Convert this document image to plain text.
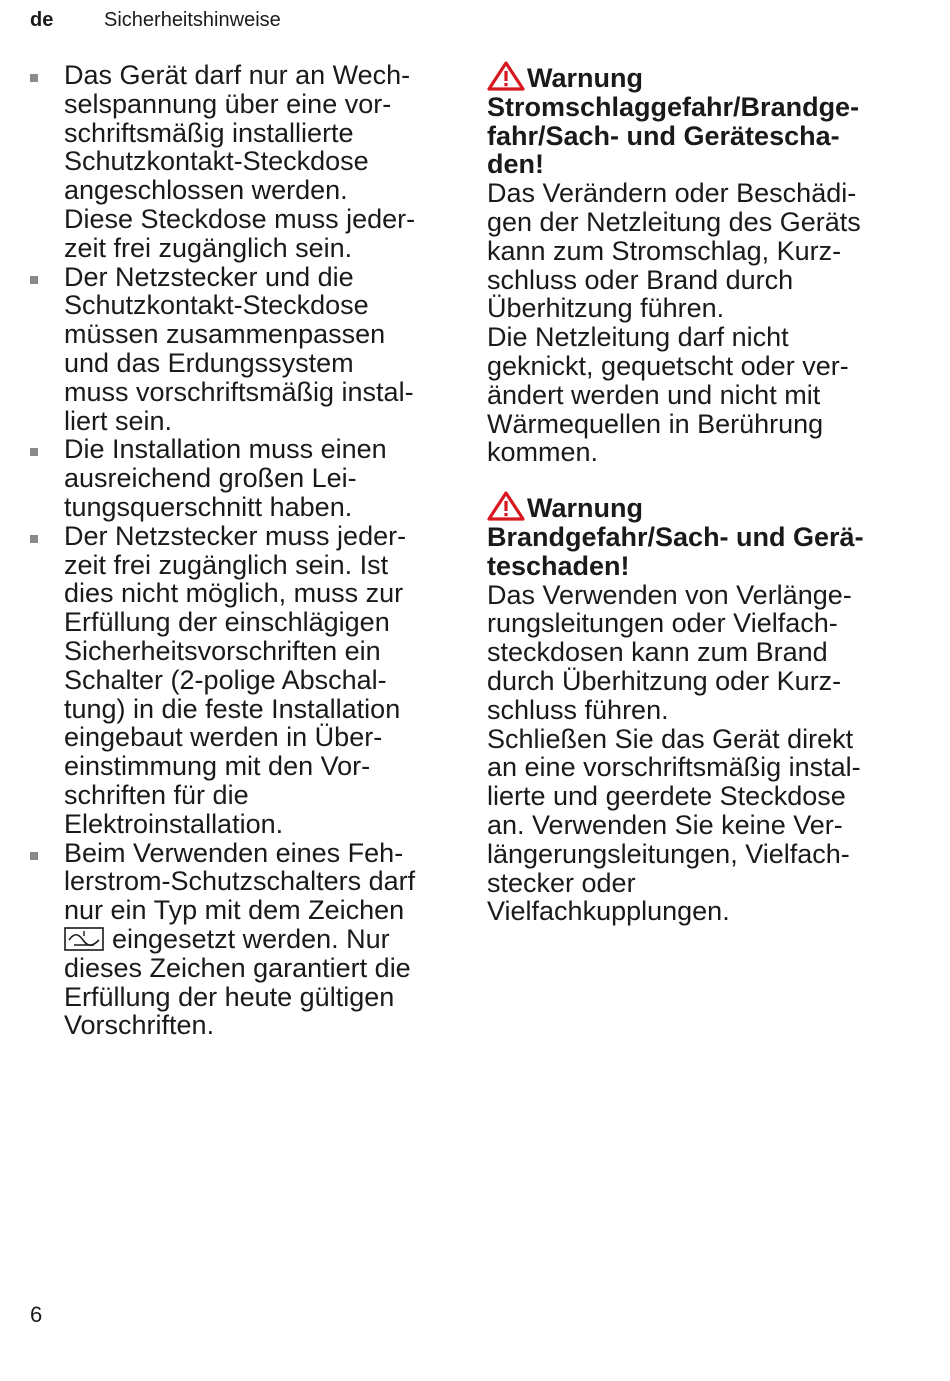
de	Sicherheitshinweise
Das Gerät darf nur an Wech-
selspannung über eine vor-
schriftsmäßig installierte
Schutzkontakt-Steckdose
angeschlossen werden.
Diese Steckdose muss jeder-
zeit frei zugänglich sein.
Der Netzstecker und die
Schutzkontakt-Steckdose
müssen zusammenpassen
und das Erdungssystem
muss vorschriftsmäßig instal-
liert sein.
Die Installation muss einen
ausreichend großen Lei-
tungsquerschnitt haben.
Der Netzstecker muss jeder-
zeit frei zugänglich sein. Ist
dies nicht möglich, muss zur
Erfüllung der einschlägigen
Sicherheitsvorschriften ein
Schalter (2-polige Abschal-
tung) in die feste Installation
eingebaut werden in Über-
einstimmung mit den Vor-
schriften für die
Elektroinstallation.
Beim Verwenden eines Feh-
lerstrom-Schutzschalters darf
nur ein Typ mit dem Zeichen
eingesetzt werden. Nur
dieses Zeichen garantiert die
Erfüllung der heute gültigen
Vorschriften.
Warnung
Stromschlaggefahr/Brandge-
fahr/Sach- und Geräteschа-
den!
Das Verändern oder Beschädi-
gen der Netzleitung des Geräts
kann zum Stromschlag, Kurz-
schluss oder Brand durch
Überhitzung führen.
Die Netzleitung darf nicht
geknickt, gequetscht oder ver-
ändert werden und nicht mit
Wärmequellen in Berührung
kommen.
Warnung
Brandgefahr/Sach- und Gerä-
teschaden!
Das Verwenden von Verlänge-
rungsleitungen oder Vielfach-
steckdosen kann zum Brand
durch Überhitzung oder Kurz-
schluss führen.
Schließen Sie das Gerät direkt
an eine vorschriftsmäßig instal-
lierte und geerdete Steckdose
an. Verwenden Sie keine Ver-
längerungsleitungen, Vielfach-
stecker oder
Vielfachkupplungen.
6
